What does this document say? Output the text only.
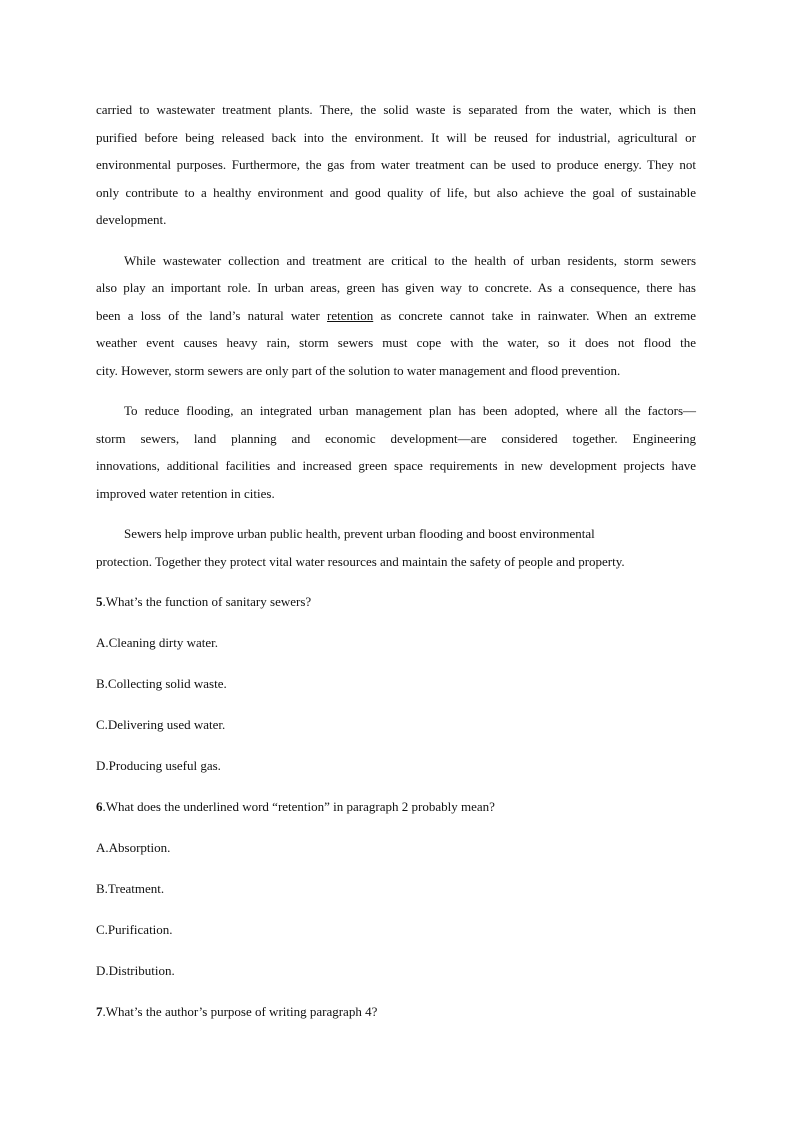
carried to wastewater treatment plants. There, the solid waste is separated from the water, which is then
purified before being released back into the environment. It will be reused for industrial, agricultural or
environmental purposes. Furthermore, the gas from water treatment can be used to produce energy. They not
only contribute to a healthy environment and good quality of life, but also achieve the goal of sustainable
development.
While wastewater collection and treatment are critical to the health of urban residents, storm sewers
also play an important role. In urban areas, green has given way to concrete. As a consequence, there has
been a loss of the land’s natural water retention as concrete cannot take in rainwater. When an extreme
weather event causes heavy rain, storm sewers must cope with the water, so it does not flood the
city. However, storm sewers are only part of the solution to water management and flood prevention.
To reduce flooding, an integrated urban management plan has been adopted, where all the factors—
storm sewers, land planning and economic development—are considered together. Engineering
innovations, additional facilities and increased green space requirements in new development projects have
improved water retention in cities.
Sewers help improve urban public health, prevent urban flooding and boost environmental
protection. Together they protect vital water resources and maintain the safety of people and property.
5.What’s the function of sanitary sewers?
A.Cleaning dirty water.
B.Collecting solid waste.
C.Delivering used water.
D.Producing useful gas.
6.What does the underlined word “retention” in paragraph 2 probably mean?
A.Absorption.
B.Treatment.
C.Purification.
D.Distribution.
7.What’s the author’s purpose of writing paragraph 4?
